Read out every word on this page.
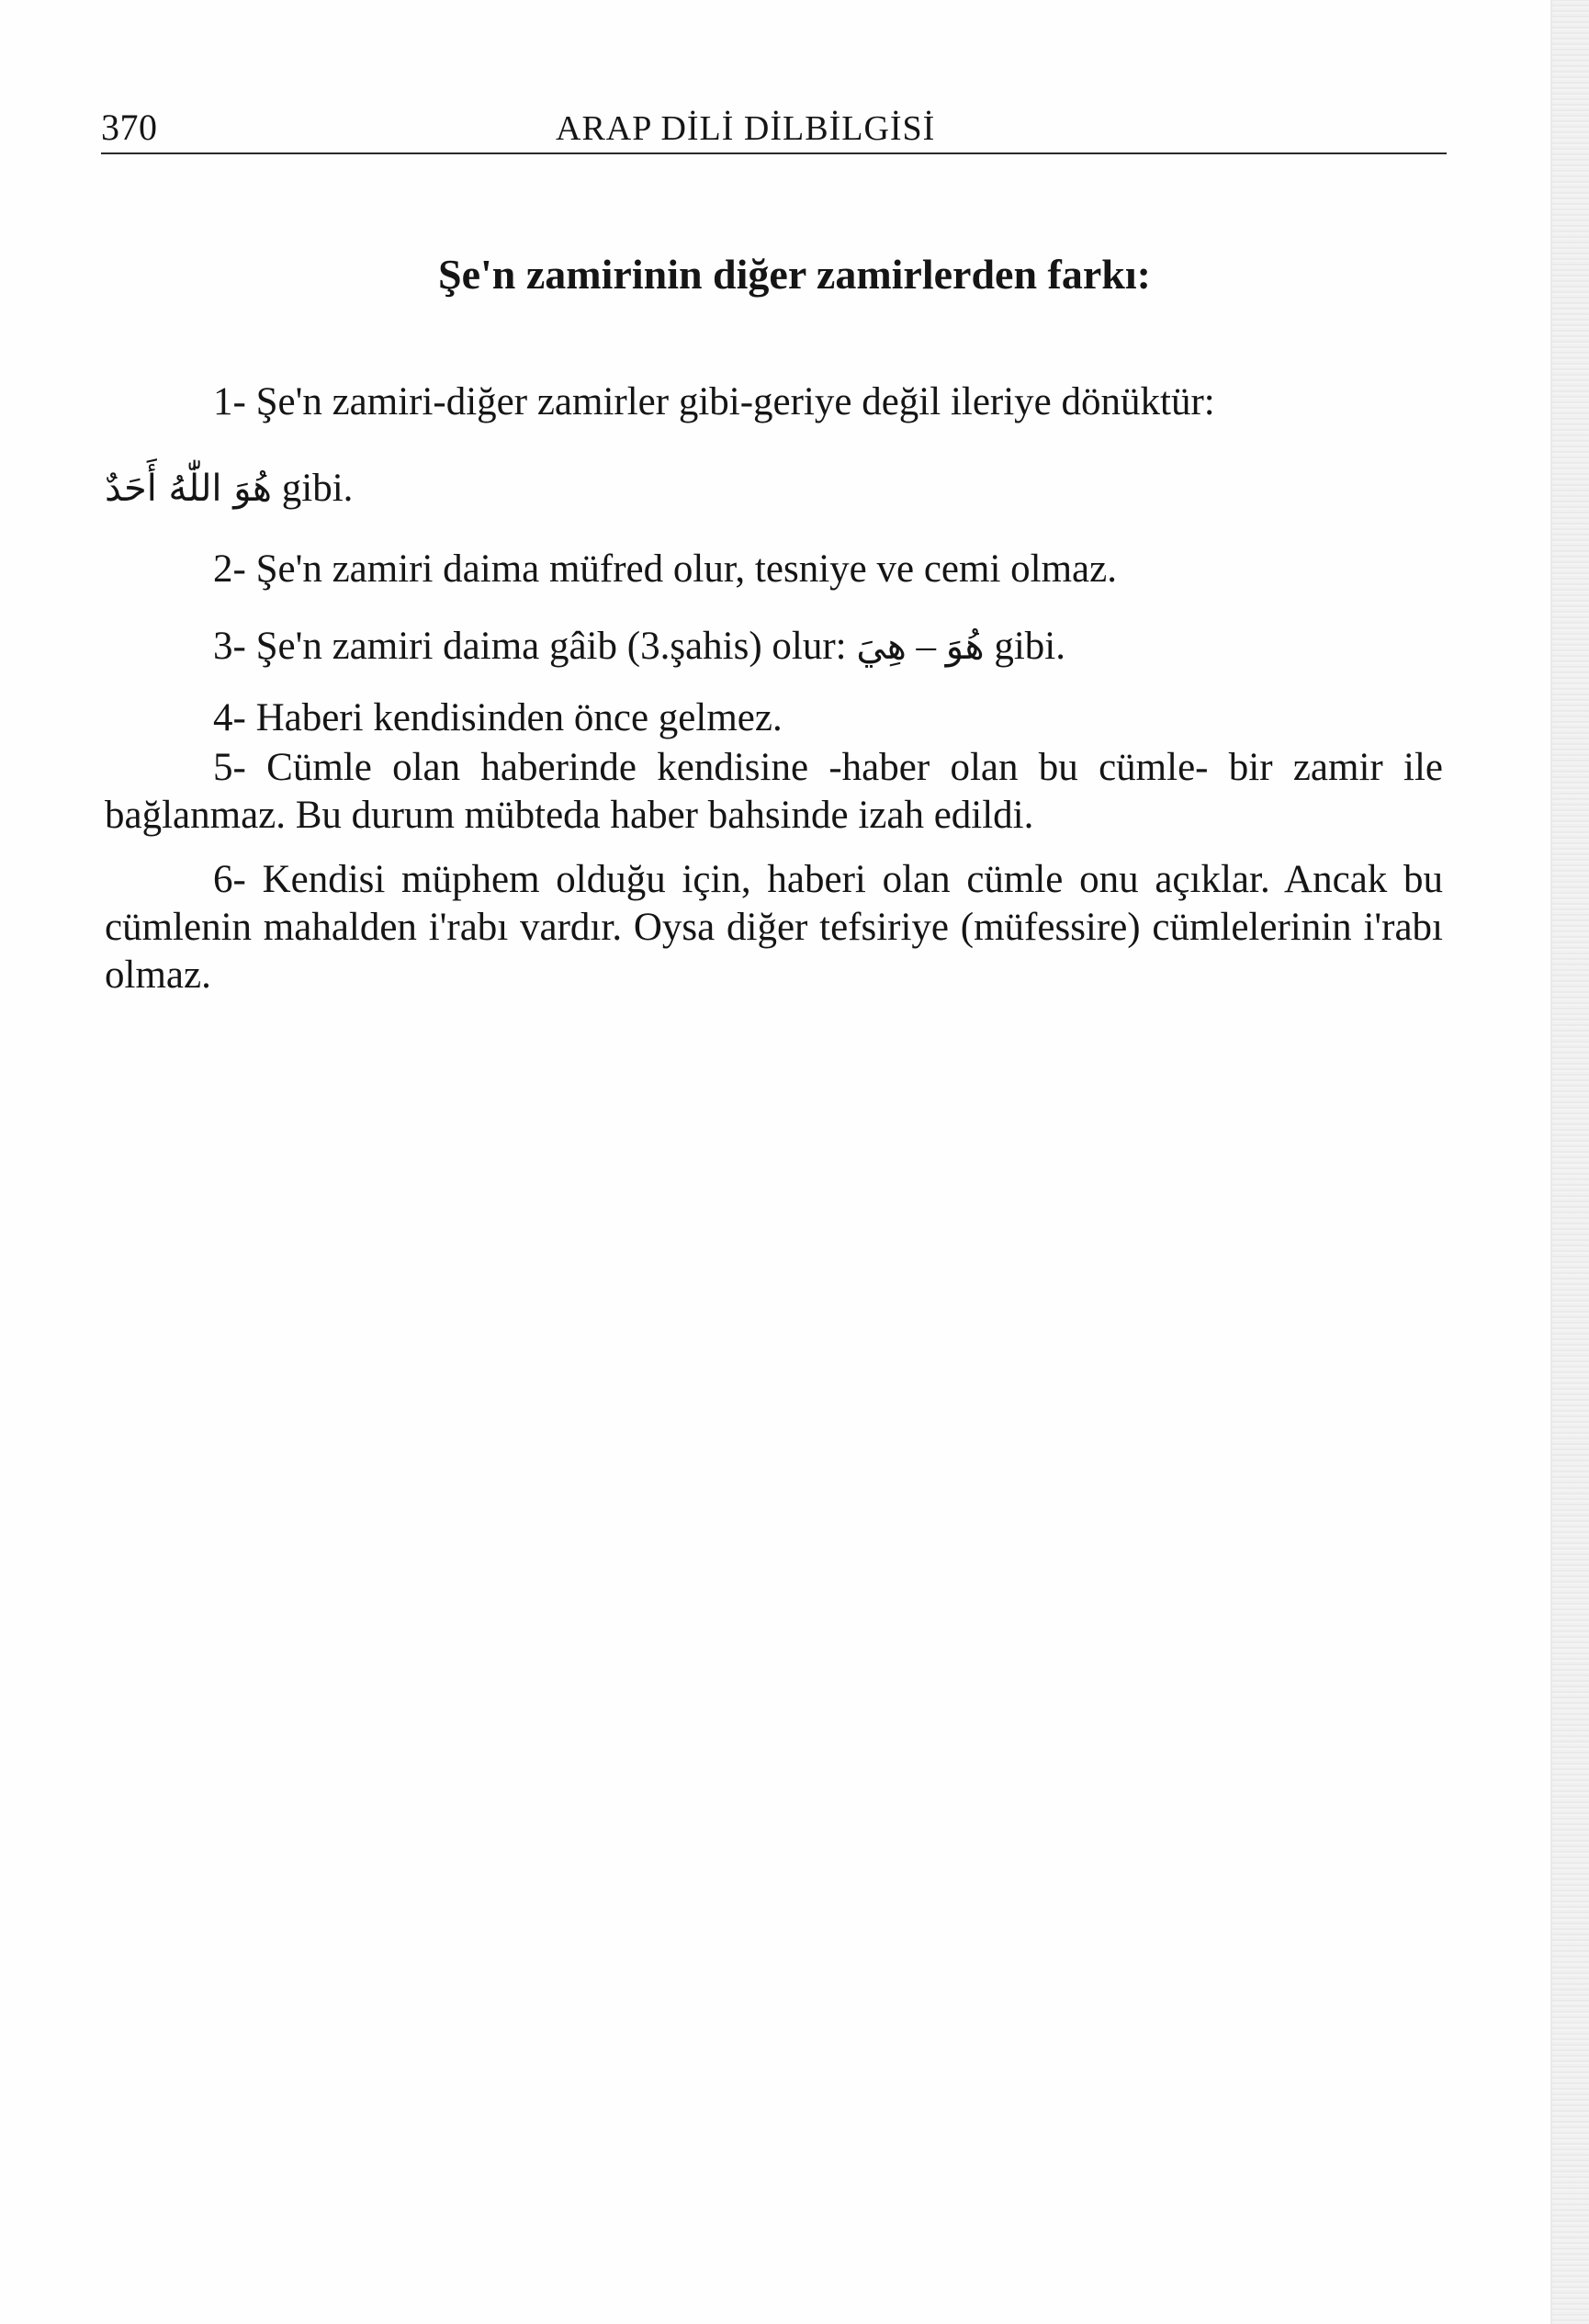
370	ARAP DİLİ DİLBİLGİSİ
Şe'n zamirinin diğer zamirlerden farkı:
1- Şe'n zamiri-diğer zamirler gibi-geriye değil ileriye dönüktür:
هُوَ اللّٰهُ أَحَدٌ gibi.
2- Şe'n zamiri daima müfred olur, tesniye ve cemi olmaz.
3- Şe'n zamiri daima gâib (3.şahis) olur:	هُوَ – هِيَ gibi.
4- Haberi kendisinden önce gelmez.

5- Cümle olan haberinde kendisine -haber olan bu cümle- bir zamir ile bağlanmaz. Bu durum mübteda haber bahsinde izah edildi.

6- Kendisi müphem olduğu için, haberi olan cümle onu açıklar. Ancak bu cümlenin mahalden i'rabı vardır. Oysa diğer tefsiriye (müfessire) cümlelerinin i'rabı olmaz.
